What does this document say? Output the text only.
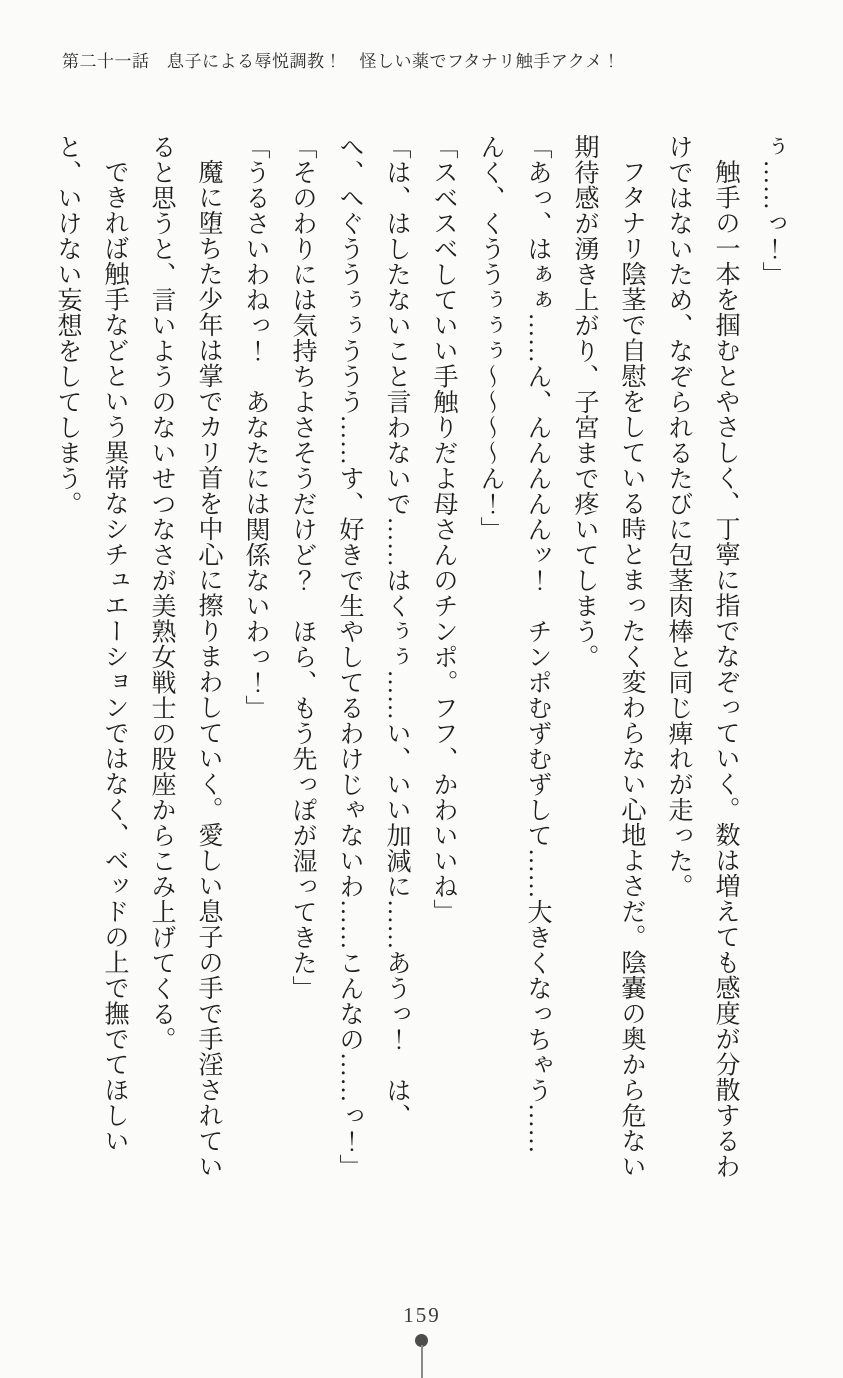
第二十一話　息子による辱悦調教！　怪しい薬でフタナリ触手アクメ！

ぅ……っ！」

触手の一本を掴むとやさしく、丁寧に指でなぞっていく。数は増えても感度が分散するわけではないため、なぞられるたびに包茎肉棒と同じ痺れが走った。

フタナリ陰茎で自慰をしている時とまったく変わらない心地よさだ。陰嚢の奥から危ない期待感が湧き上がり、子宮まで疼いてしまう。

「あっ、はぁぁ……ん、んんんんんッ！　チンポむずむずして……大きくなっちゃう……んく、くううぅぅぅ～～～～ん！」

「スベスベしていい手触りだよ母さんのチンポ。フフ、かわいいね」

「は、はしたないこと言わないで……はくぅぅ……い、いい加減に……あうっ！　は、へ、へぐううぅぅううう……す、好きで生やしてるわけじゃないわ……こんなの……っ！」

「そのわりには気持ちよさそうだけど？　ほら、もう先っぽが湿ってきた」

「うるさいわねっ！　あなたには関係ないわっ！」

魔に堕ちた少年は掌でカリ首を中心に擦りまわしていく。愛しい息子の手で手淫されていると思うと、言いようのないせつなさが美熟女戦士の股座からこみ上げてくる。

できれば触手などという異常なシチュエーションではなく、ベッドの上で撫でてほしいと、いけない妄想をしてしまう。

159
